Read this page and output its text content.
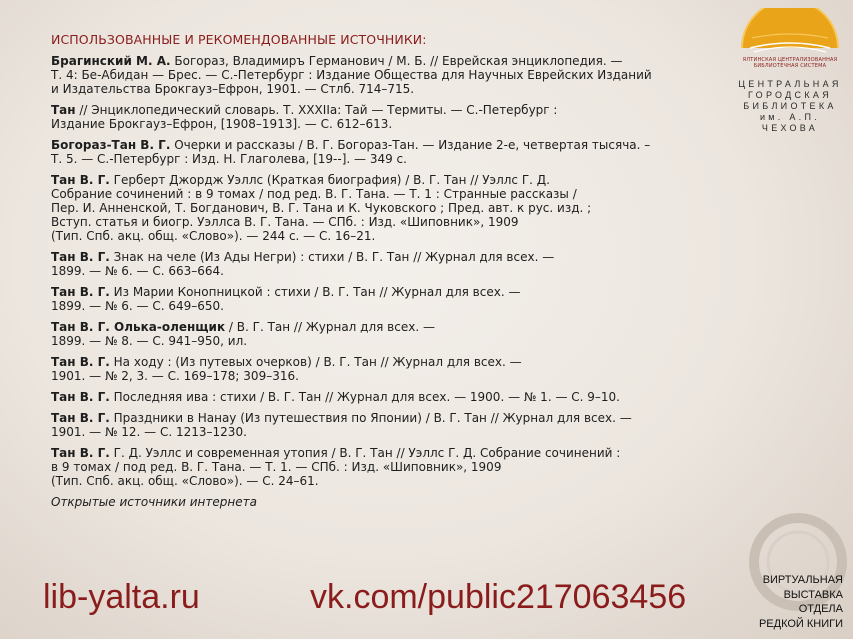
ИСПОЛЬЗОВАННЫЕ И РЕКОМЕНДОВАННЫЕ ИСТОЧНИКИ:

Брагинский М. А. Богораз, Владимиръ Германович / М. Б. // Еврейская энциклопедия. —
Т. 4: Бе-Абидан — Брес. — С.-Петербург : Издание Общества для Научных Еврейских Изданий
и Издательства Брокгауз–Ефрон, 1901. — Стлб. 714–715.

Тан // Энциклопедический словарь. Т. XXXIIa: Тай — Термиты. — С.-Петербург :
Издание Брокгауз–Ефрон, [1908–1913]. — С. 612–613.

Богораз-Тан В. Г. Очерки и рассказы / В. Г. Богораз-Тан. — Издание 2-е, четвертая тысяча. –
Т. 5. — С.-Петербург : Изд. Н. Глаголева, [19--]. — 349 с.

Тан В. Г. Герберт Джордж Уэллс (Краткая биография) / В. Г. Тан // Уэллс Г. Д.
Собрание сочинений : в 9 томах / под ред. В. Г. Тана. — Т. 1 : Странные рассказы /
Пер. И. Анненской, Т. Богданович, В. Г. Тана и К. Чуковского ; Пред. авт. к рус. изд. ;
Вступ. статья и биогр. Уэллса В. Г. Тана. — СПб. : Изд. «Шиповник», 1909
(Тип. Спб. акц. общ. «Слово»). — 244 с. — С. 16–21.

Тан В. Г. Знак на челе (Из Ады Негри) : стихи / В. Г. Тан // Журнал для всех. —
1899. — № 6. — С. 663–664.

Тан В. Г. Из Марии Конопницкой : стихи / В. Г. Тан // Журнал для всех. —
1899. — № 6. — С. 649–650.

Тан В. Г. Олька-оленщик / В. Г. Тан // Журнал для всех. —
1899. — № 8. — С. 941–950, ил.

Тан В. Г. На ходу : (Из путевых очерков) / В. Г. Тан // Журнал для всех. —
1901. — № 2, 3. — С. 169–178; 309–316.

Тан В. Г. Последняя ива : стихи / В. Г. Тан // Журнал для всех. — 1900. — № 1. — С. 9–10.

Тан В. Г. Праздники в Нанау (Из путешествия по Японии) / В. Г. Тан // Журнал для всех. —
1901. — № 12. — С. 1213–1230.

Тан В. Г. Г. Д. Уэллс и современная утопия / В. Г. Тан // Уэллс Г. Д. Собрание сочинений :
в 9 томах / под ред. В. Г. Тана. — Т. 1. — СПб. : Изд. «Шиповник», 1909
(Тип. Спб. акц. общ. «Слово»). — С. 24–61.

Открытые источники интернета
ЯЛТИНСКАЯ ЦЕНТРАЛИЗОВАННАЯ БИБЛИОТЕЧНАЯ СИСТЕМА
ЦЕНТРАЛЬНАЯ
ГОРОДСКАЯ
БИБЛИОТЕКА
им. А.П. ЧЕХОВА
lib-yalta.ru	vk.com/public217063456	ВИРТУАЛЬНАЯ
ВЫСТАВКА
ОТДЕЛА
РЕДКОЙ КНИГИ
